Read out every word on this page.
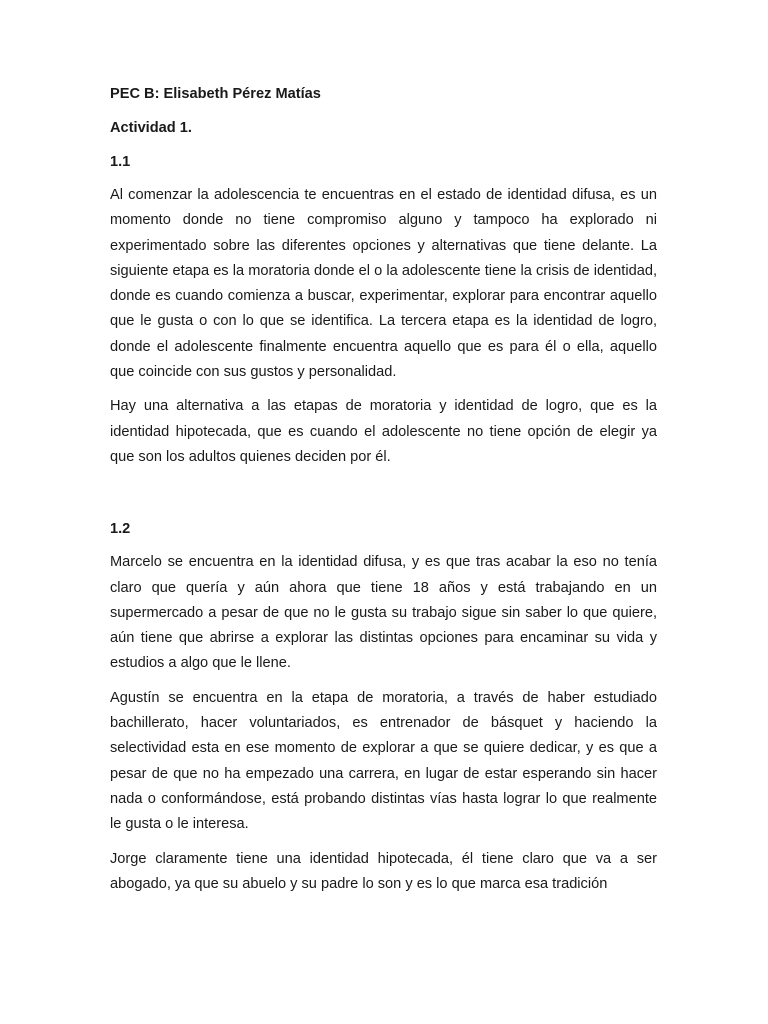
PEC B: Elisabeth Pérez Matías

Actividad 1.

1.1

Al comenzar la adolescencia te encuentras en el estado de identidad difusa, es un momento donde no tiene compromiso alguno y tampoco ha explorado ni experimentado sobre las diferentes opciones y alternativas que tiene delante. La siguiente etapa es la moratoria donde el o la adolescente tiene la crisis de identidad, donde es cuando comienza a buscar, experimentar, explorar para encontrar aquello que le gusta o con lo que se identifica. La tercera etapa es la identidad de logro, donde el adolescente finalmente encuentra aquello que es para él o ella, aquello que coincide con sus gustos y personalidad.

Hay una alternativa a las etapas de moratoria y identidad de logro, que es la identidad hipotecada, que es cuando el adolescente no tiene opción de elegir ya que son los adultos quienes deciden por él.

1.2

Marcelo se encuentra en la identidad difusa, y es que tras acabar la eso no tenía claro que quería y aún ahora que tiene 18 años y está trabajando en un supermercado a pesar de que no le gusta su trabajo sigue sin saber lo que quiere, aún tiene que abrirse a explorar las distintas opciones para encaminar su vida y estudios a algo que le llene.

Agustín se encuentra en la etapa de moratoria, a través de haber estudiado bachillerato, hacer voluntariados, es entrenador de básquet y haciendo la selectividad esta en ese momento de explorar a que se quiere dedicar, y es que a pesar de que no ha empezado una carrera, en lugar de estar esperando sin hacer nada o conformándose, está probando distintas vías hasta lograr lo que realmente le gusta o le interesa.

Jorge claramente tiene una identidad hipotecada, él tiene claro que va a ser abogado, ya que su abuelo y su padre lo son y es lo que marca esa tradición
